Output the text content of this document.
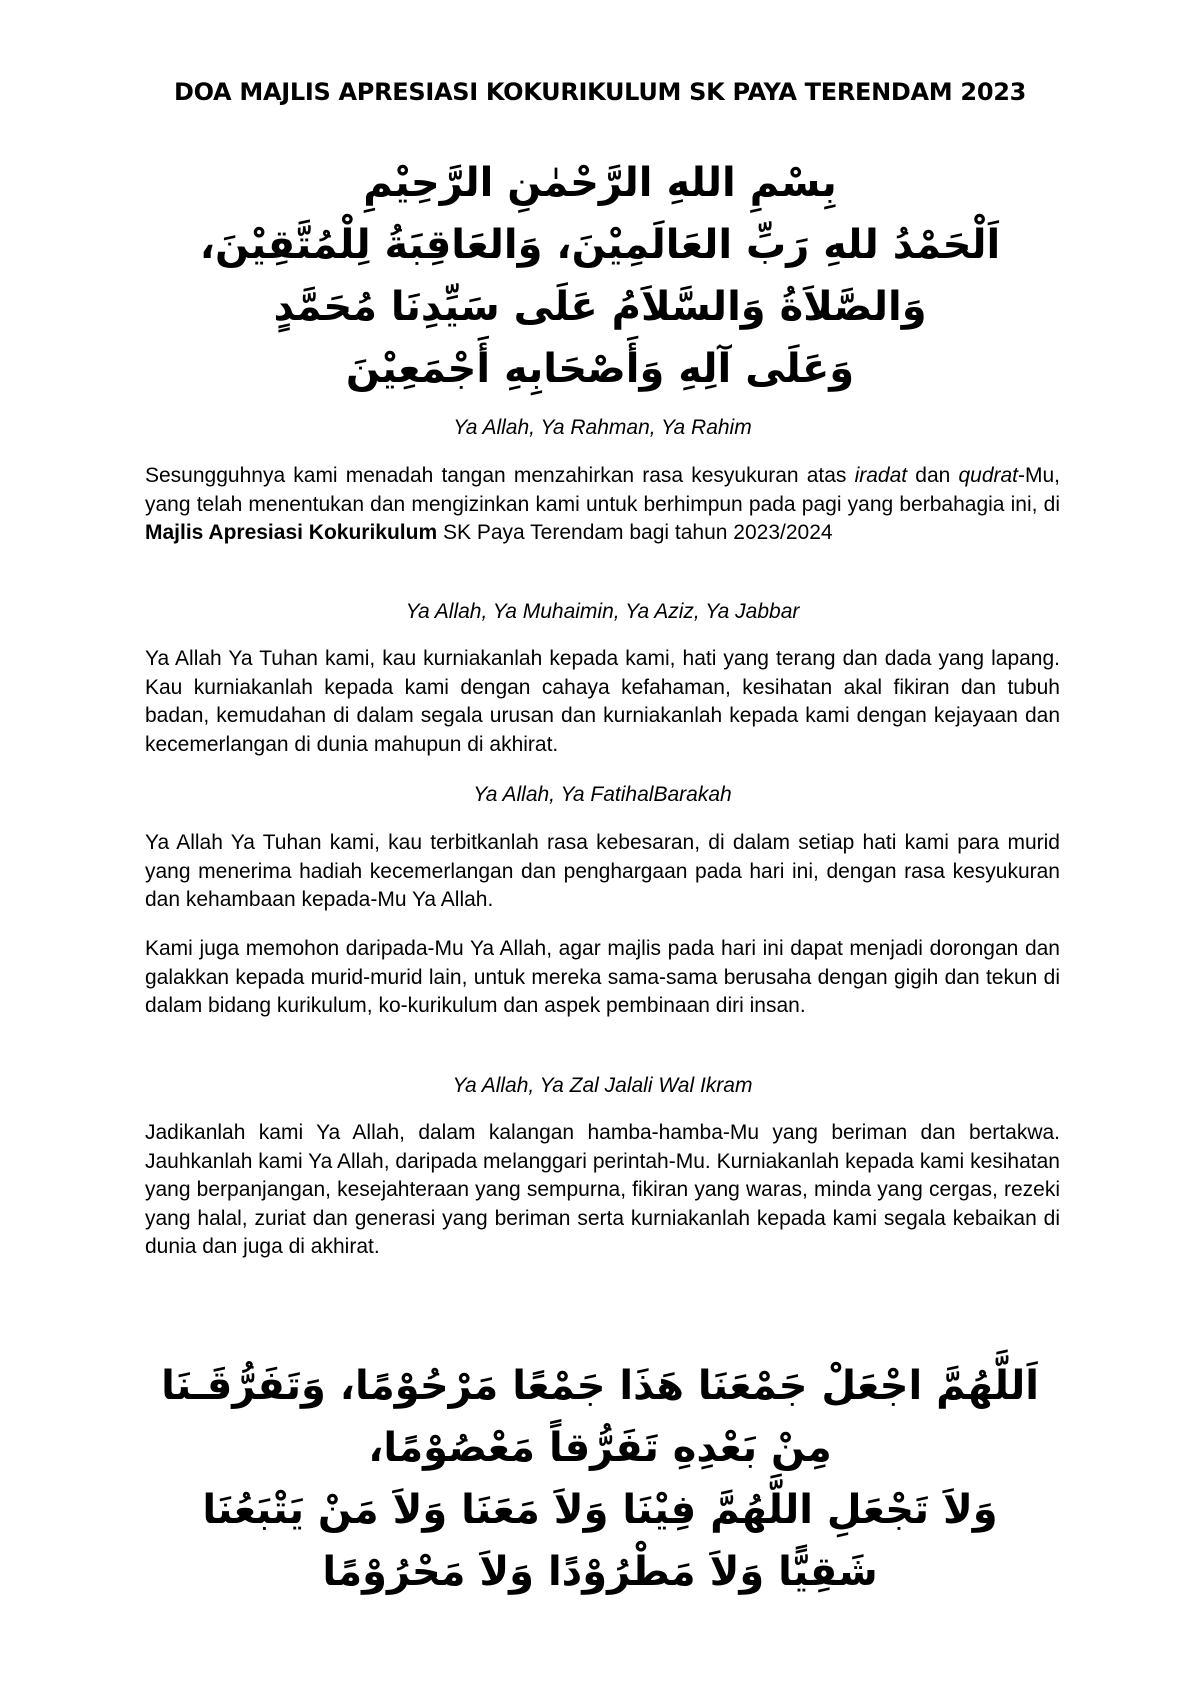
DOA MAJLIS APRESIASI KOKURIKULUM SK PAYA TERENDAM 2023
بِسْمِ اللهِ الرَّحْمٰنِ الرَّحِيْمِ
اَلْحَمْدُ للهِ رَبِّ العَالَمِيْنَ، وَالعَاقِبَةُ لِلْمُتَّقِيْنَ،
وَالصَّلاَةُ وَالسَّلاَمُ عَلَى سَيِّدِنَا مُحَمَّدٍ
وَعَلَى آلِهِ وَأَصْحَابِهِ أَجْمَعِيْنَ
Ya Allah, Ya Rahman, Ya Rahim

Sesungguhnya kami menadah tangan menzahirkan rasa kesyukuran atas iradat dan qudrat-Mu, yang telah menentukan dan mengizinkan kami untuk berhimpun pada pagi yang berbahagia ini, di Majlis Apresiasi Kokurikulum SK Paya Terendam bagi tahun 2023/2024

Ya Allah, Ya Muhaimin, Ya Aziz, Ya Jabbar

Ya Allah Ya Tuhan kami, kau kurniakanlah kepada kami, hati yang terang dan dada yang lapang. Kau kurniakanlah kepada kami dengan cahaya kefahaman, kesihatan akal fikiran dan tubuh badan, kemudahan di dalam segala urusan dan kurniakanlah kepada kami dengan kejayaan dan kecemerlangan di dunia mahupun di akhirat.

Ya Allah, Ya FatihalBarakah

Ya Allah Ya Tuhan kami, kau terbitkanlah rasa kebesaran, di dalam setiap hati kami para murid yang menerima hadiah kecemerlangan dan penghargaan pada hari ini, dengan rasa kesyukuran dan kehambaan kepada-Mu Ya Allah.

Kami juga memohon daripada-Mu Ya Allah, agar majlis pada hari ini dapat menjadi dorongan dan galakkan kepada murid-murid lain, untuk mereka sama-sama berusaha dengan gigih dan tekun di dalam bidang kurikulum, ko-kurikulum dan aspek pembinaan diri insan.

Ya Allah, Ya Zal Jalali Wal Ikram

Jadikanlah kami Ya Allah, dalam kalangan hamba-hamba-Mu yang beriman dan bertakwa. Jauhkanlah kami Ya Allah, daripada melanggari perintah-Mu. Kurniakanlah kepada kami kesihatan yang berpanjangan, kesejahteraan yang sempurna, fikiran yang waras, minda yang cergas, rezeki yang halal, zuriat dan generasi yang beriman serta kurniakanlah kepada kami segala kebaikan di dunia dan juga di akhirat.

اَللَّهُمَّ اجْعَلْ جَمْعَنَا هَذَا جَمْعًا مَرْحُوْمًا، وَتَفَرُّقَـنَا
مِنْ بَعْدِهِ تَفَرُّقاً مَعْصُوْمًا،
وَلاَ تَجْعَلِ اللَّهُمَّ فِيْنَا وَلاَ مَعَنَا وَلاَ مَنْ يَتْبَعُنَا
شَقِيًّا وَلاَ مَطْرُوْدًا وَلاَ مَحْرُوْمًا
